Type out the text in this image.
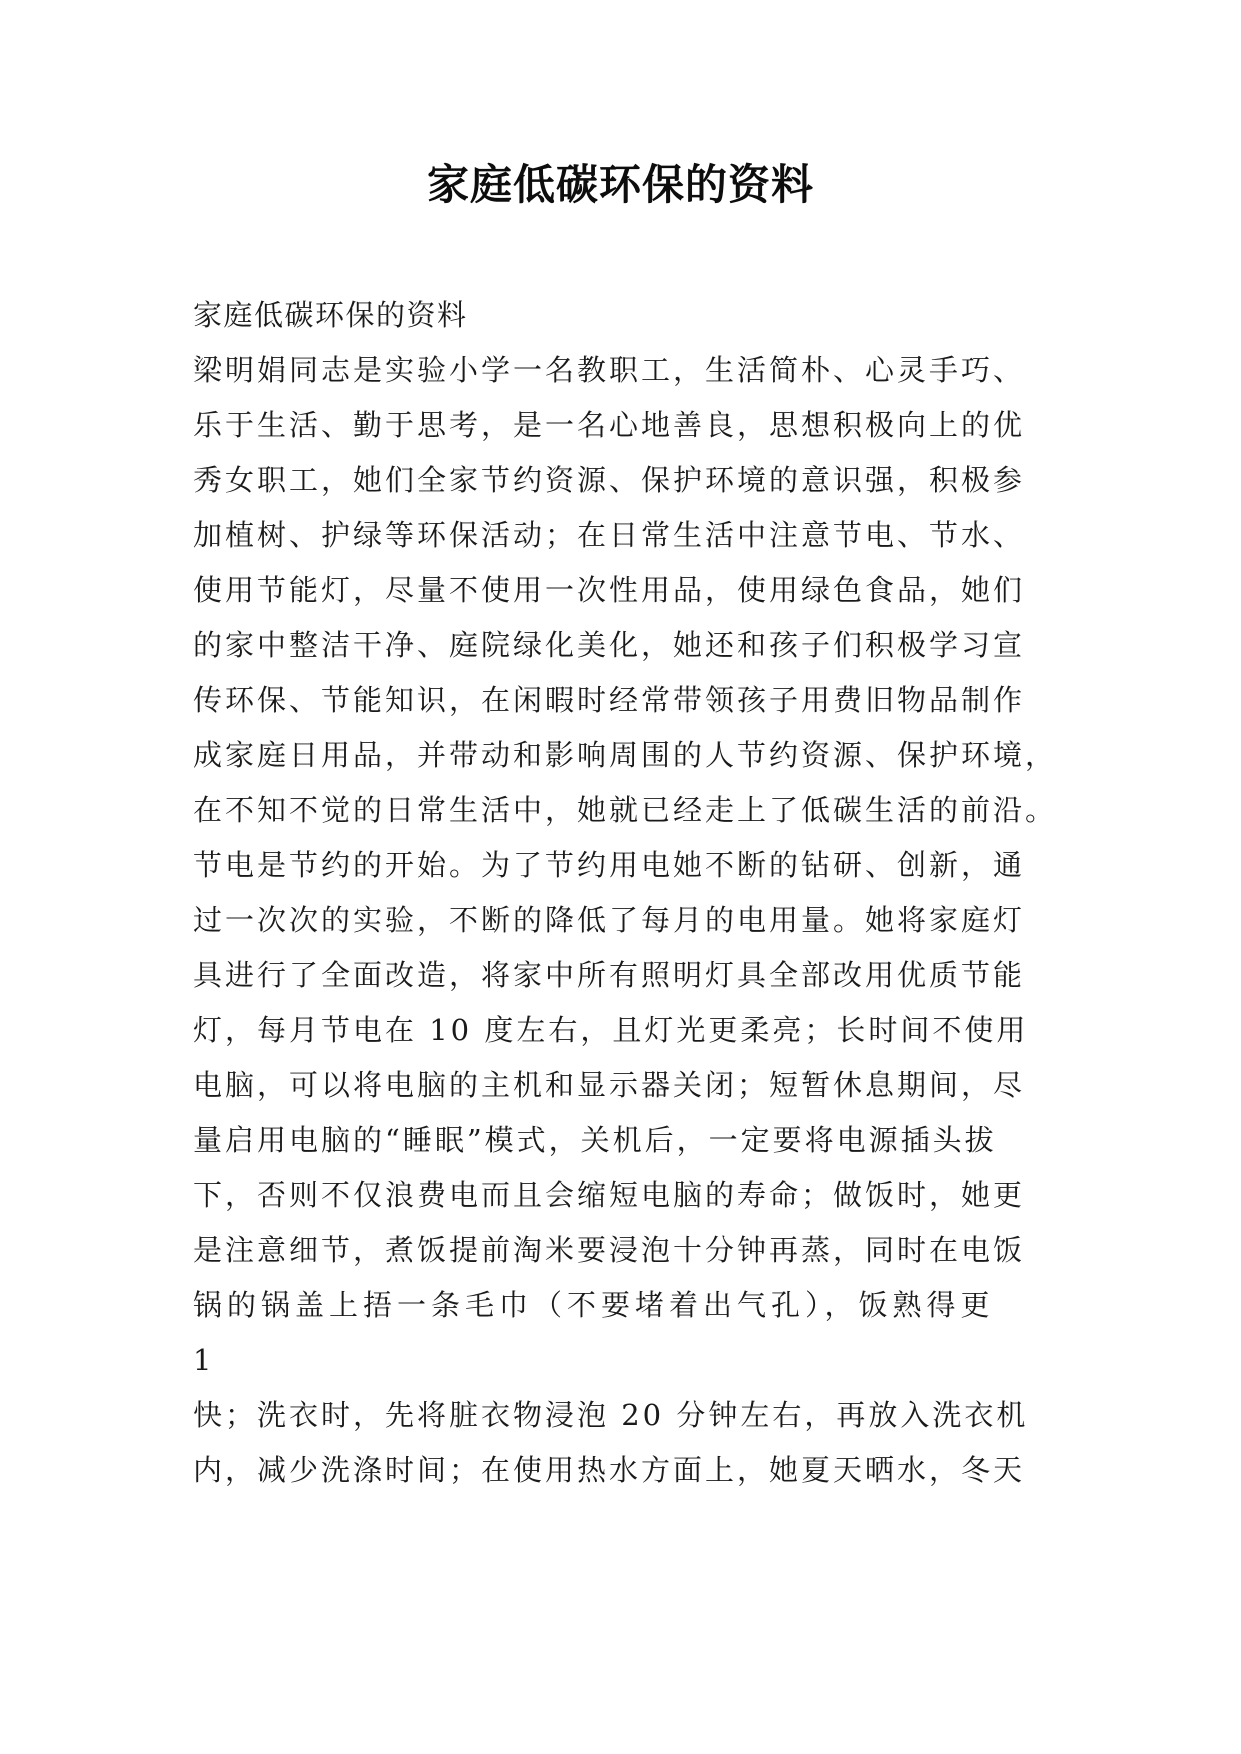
家庭低碳环保的资料
家庭低碳环保的资料
梁明娟同志是实验小学一名教职工，生活简朴、心灵手巧、
乐于生活、勤于思考，是一名心地善良，思想积极向上的优
秀女职工，她们全家节约资源、保护环境的意识强，积极参
加植树、护绿等环保活动；在日常生活中注意节电、节水、
使用节能灯，尽量不使用一次性用品，使用绿色食品，她们
的家中整洁干净、庭院绿化美化，她还和孩子们积极学习宣
传环保、节能知识，在闲暇时经常带领孩子用费旧物品制作
成家庭日用品，并带动和影响周围的人节约资源、保护环境，
在不知不觉的日常生活中，她就已经走上了低碳生活的前沿。
节电是节约的开始。为了节约用电她不断的钻研、创新，通
过一次次的实验，不断的降低了每月的电用量。她将家庭灯
具进行了全面改造，将家中所有照明灯具全部改用优质节能
灯，每月节电在 10 度左右，且灯光更柔亮；长时间不使用
电脑，可以将电脑的主机和显示器关闭；短暂休息期间，尽
量启用电脑的“睡眠”模式，关机后，一定要将电源插头拔
下，否则不仅浪费电而且会缩短电脑的寿命；做饭时，她更
是注意细节，煮饭提前淘米要浸泡十分钟再蒸，同时在电饭
锅的锅盖上捂一条毛巾（不要堵着出气孔），饭熟得更
1
快；洗衣时，先将脏衣物浸泡 20 分钟左右，再放入洗衣机
内，减少洗涤时间；在使用热水方面上，她夏天晒水，冬天
